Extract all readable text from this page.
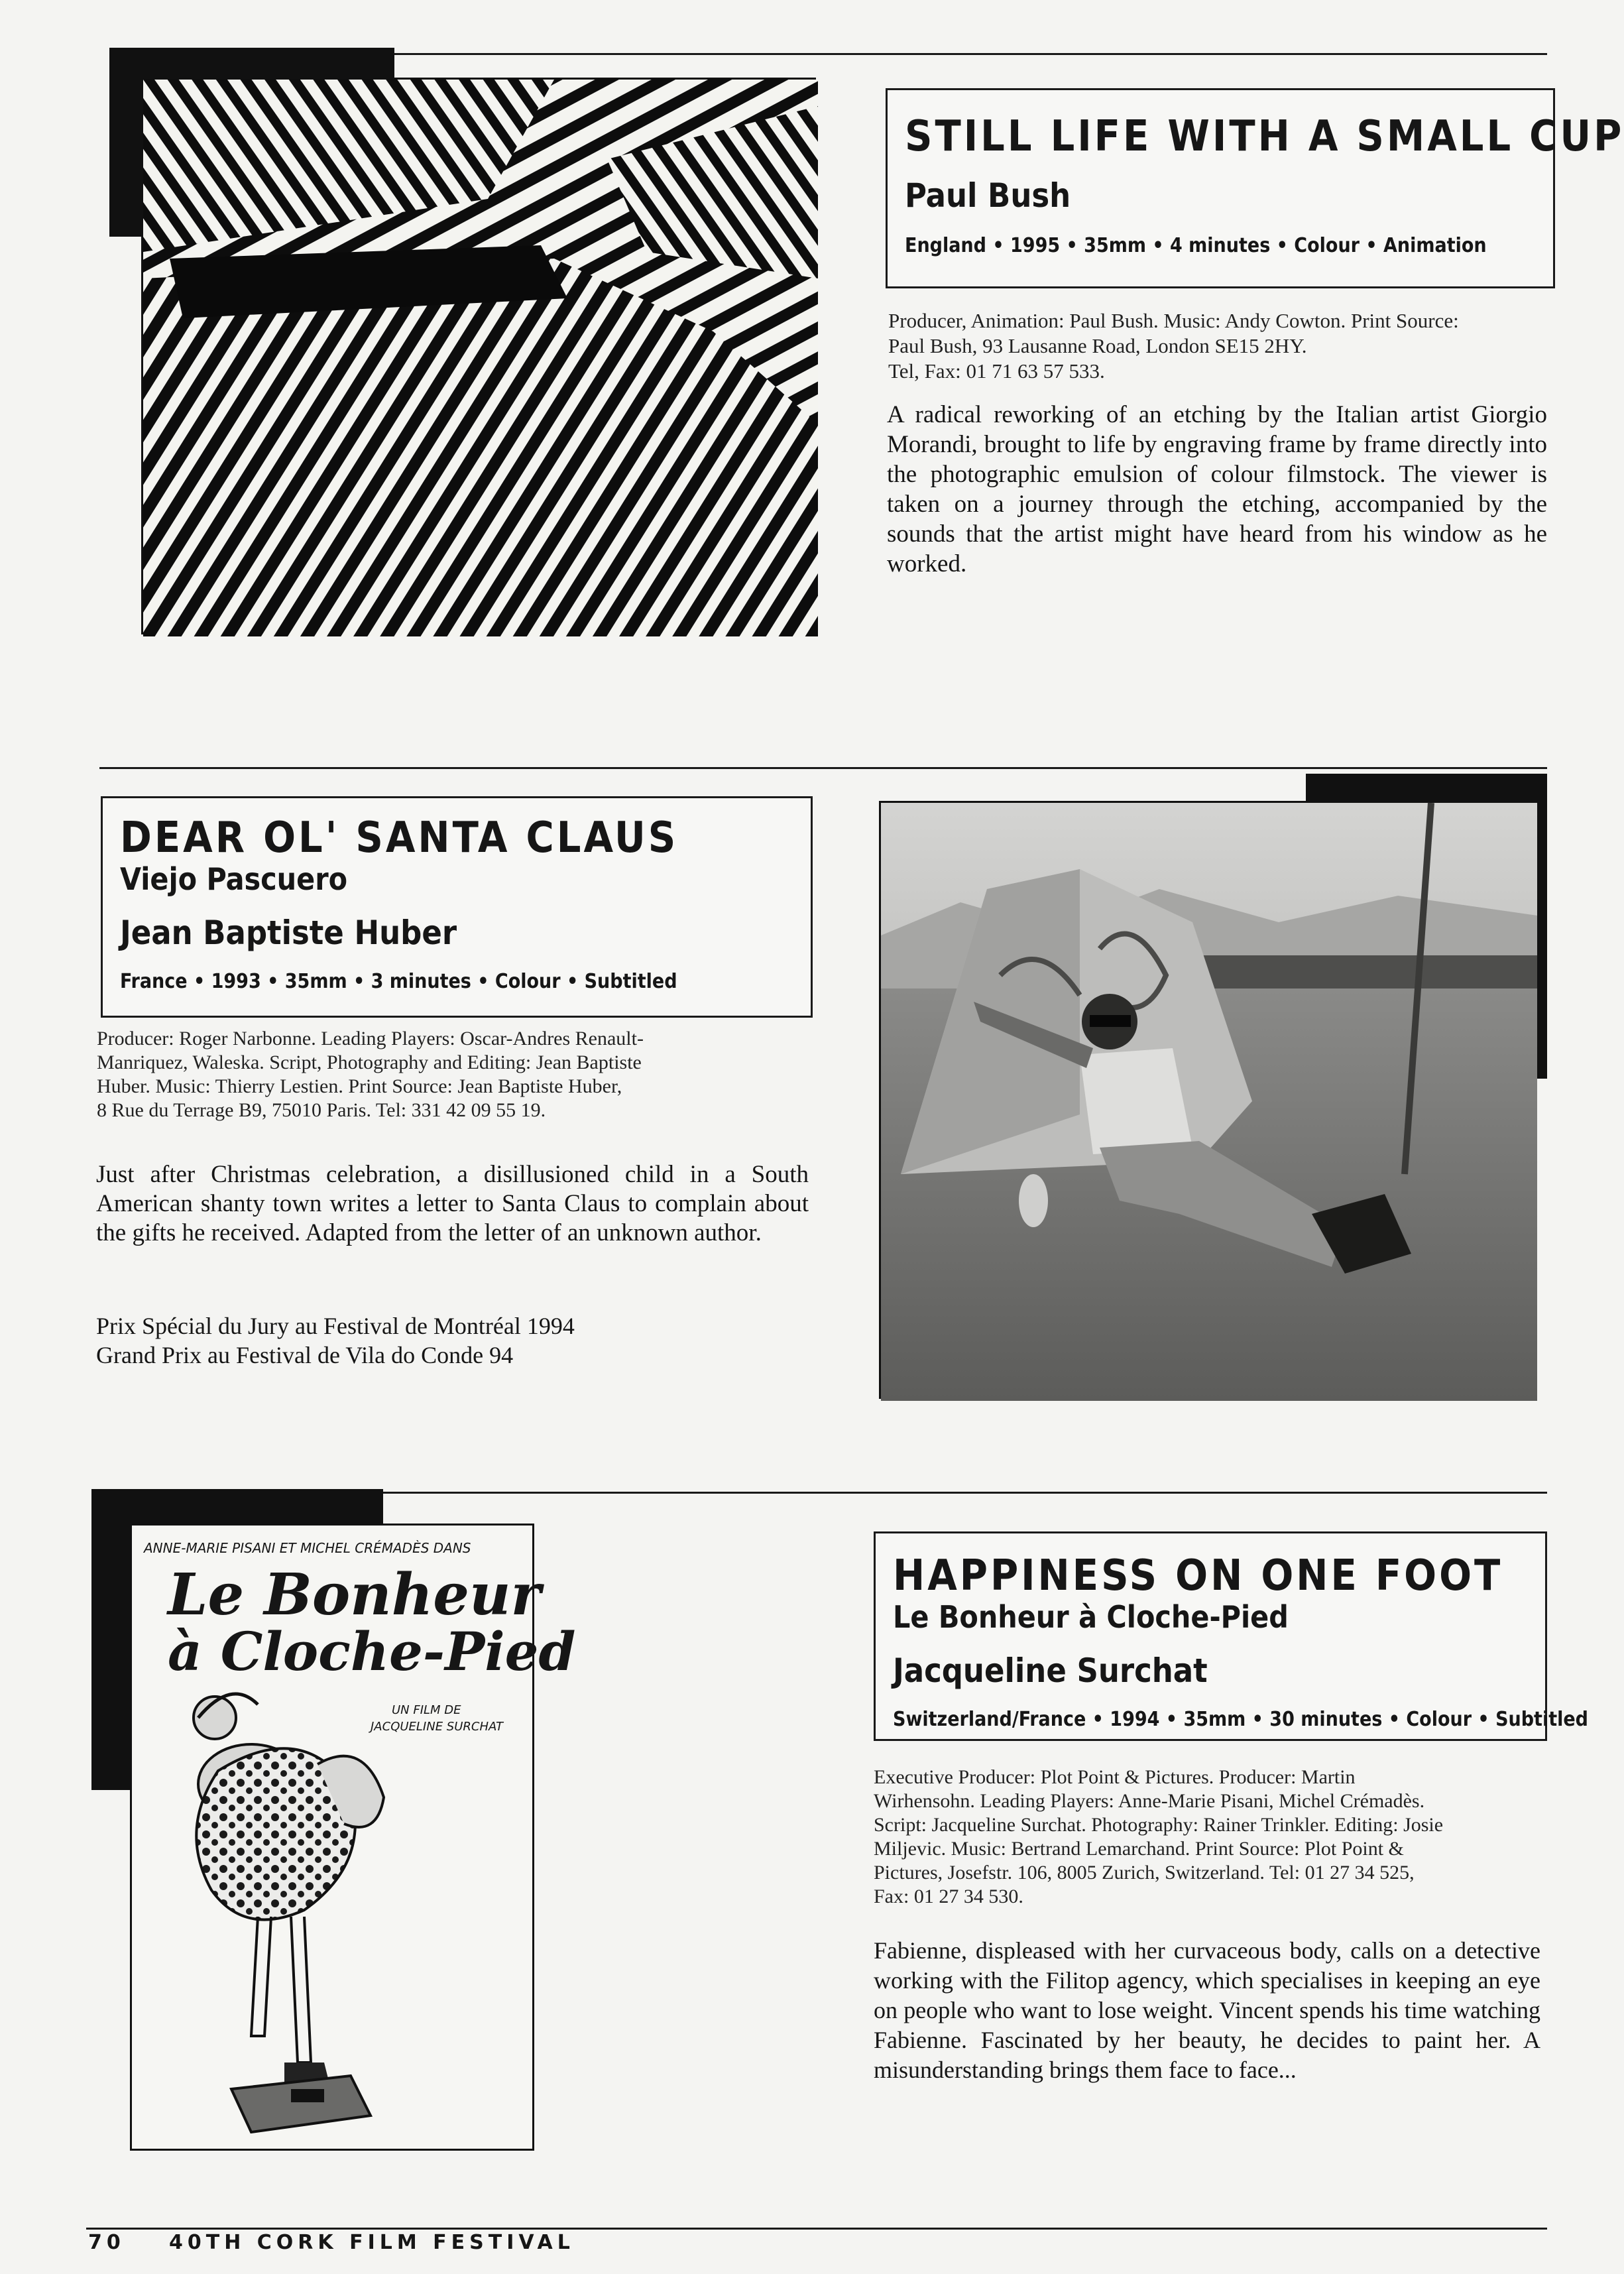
STILL LIFE WITH A SMALL CUP
Paul Bush
England • 1995 • 35mm • 4 minutes • Colour • Animation
Producer, Animation: Paul Bush. Music: Andy Cowton. Print Source:
Paul Bush, 93 Lausanne Road, London SE15 2HY.
Tel, Fax: 01 71 63 57 533.
A radical reworking of an etching by the Italian artist Giorgio Morandi, brought to life by engraving frame by frame directly into the photographic emulsion of colour filmstock. The viewer is taken on a journey through the etching, accompanied by the sounds that the artist might have heard from his window as he worked.
DEAR OL' SANTA CLAUS
Viejo Pascuero
Jean Baptiste Huber
France • 1993 • 35mm • 3 minutes • Colour • Subtitled
Producer: Roger Narbonne. Leading Players: Oscar-Andres Renault-
Manriquez, Waleska. Script, Photography and Editing: Jean Baptiste
Huber. Music: Thierry Lestien. Print Source: Jean Baptiste Huber,
8 Rue du Terrage B9, 75010 Paris. Tel: 331 42 09 55 19.
Just after Christmas celebration, a disillusioned child in a South American shanty town writes a letter to Santa Claus to complain about the gifts he received. Adapted from the letter of an unknown author.
Prix Spécial du Jury au Festival de Montréal 1994
Grand Prix au Festival de Vila do Conde 94
ANNE-MARIE PISANI ET MICHEL CRÉMADÈS DANS
Le Bonheur
à Cloche-Pied
UN FILM DE
JACQUELINE SURCHAT
HAPPINESS ON ONE FOOT
Le Bonheur à Cloche-Pied
Jacqueline Surchat
Switzerland/France • 1994 • 35mm • 30 minutes • Colour • Subtitled
Executive Producer: Plot Point & Pictures. Producer: Martin
Wirhensohn. Leading Players: Anne-Marie Pisani, Michel Crémadès.
Script: Jacqueline Surchat. Photography: Rainer Trinkler. Editing: Josie
Miljevic. Music: Bertrand Lemarchand. Print Source: Plot Point &
Pictures, Josefstr. 106, 8005 Zurich, Switzerland. Tel: 01 27 34 525,
Fax: 01 27 34 530.
Fabienne, displeased with her curvaceous body, calls on a detective working with the Filitop agency, which specialises in keeping an eye on people who want to lose weight. Vincent spends his time watching Fabienne. Fascinated by her beauty, he decides to paint her. A misunderstanding brings them face to face...
70 40TH CORK FILM FESTIVAL
